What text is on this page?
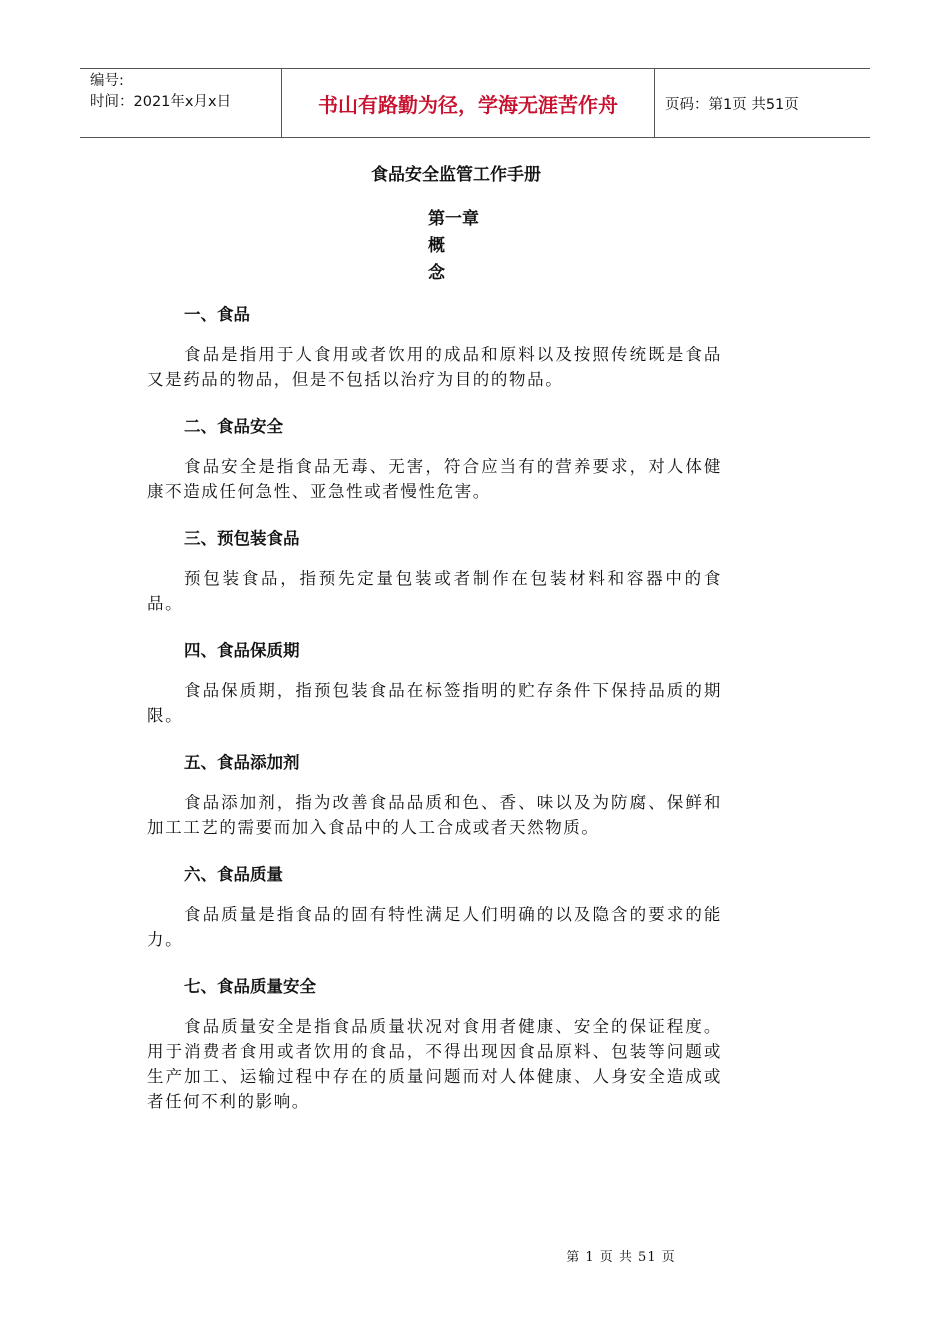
编号:
时间：2021年x月x日	书山有路勤为径，学海无涯苦作舟	页码：第1页 共51页
食品安全监管工作手册
第一章
概
念
一、食品

食品是指用于人食用或者饮用的成品和原料以及按照传统既是食品又是药品的物品，但是不包括以治疗为目的的物品。

二、食品安全

食品安全是指食品无毒、无害，符合应当有的营养要求，对人体健康不造成任何急性、亚急性或者慢性危害。

三、预包装食品

预包装食品，指预先定量包装或者制作在包装材料和容器中的食品。

四、食品保质期

食品保质期，指预包装食品在标签指明的贮存条件下保持品质的期限。

五、食品添加剂

食品添加剂，指为改善食品品质和色、香、味以及为防腐、保鲜和加工工艺的需要而加入食品中的人工合成或者天然物质。

六、食品质量

食品质量是指食品的固有特性满足人们明确的以及隐含的要求的能力。

七、食品质量安全

食品质量安全是指食品质量状况对食用者健康、安全的保证程度。用于消费者食用或者饮用的食品，不得出现因食品原料、包装等问题或生产加工、运输过程中存在的质量问题而对人体健康、人身安全造成或者任何不利的影响。

第 1 页 共 51 页
